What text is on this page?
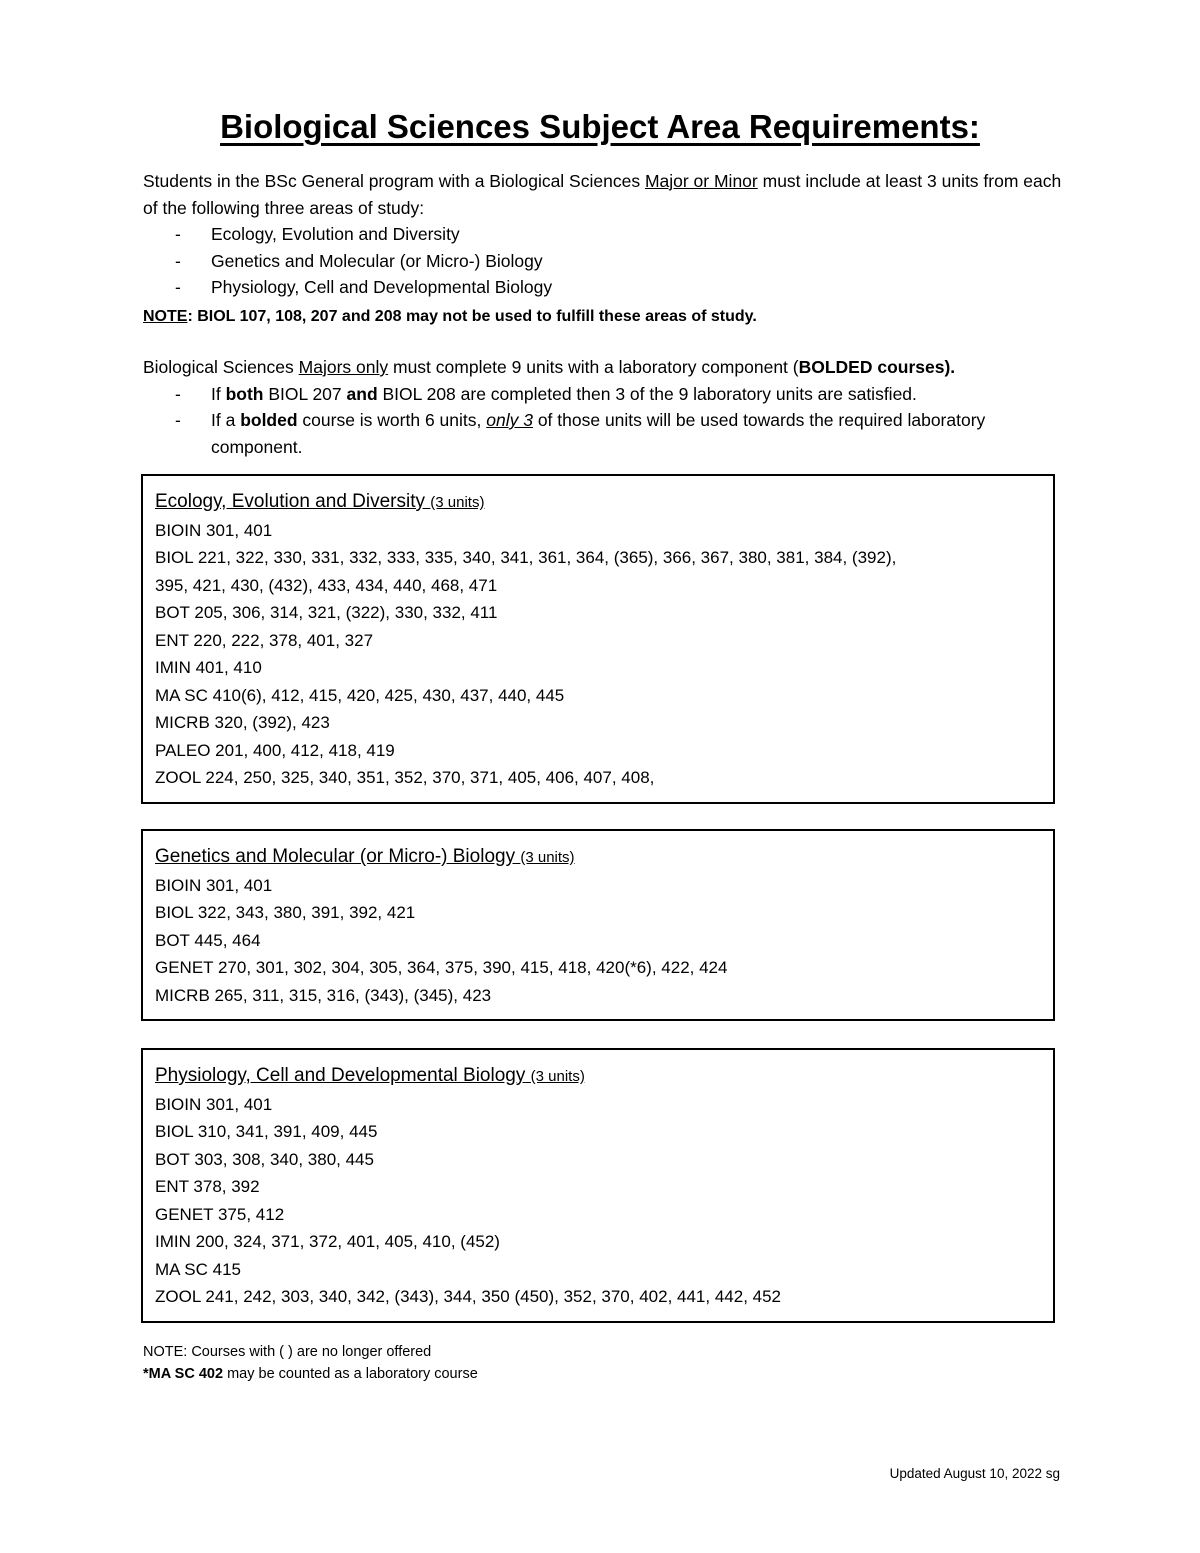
Biological Sciences Subject Area Requirements:

Students in the BSc General program with a Biological Sciences Major or Minor must include at least 3 units from each of the following three areas of study:

- Ecology, Evolution and Diversity
- Genetics and Molecular (or Micro-) Biology
- Physiology, Cell and Developmental Biology

NOTE: BIOL 107, 108, 207 and 208 may not be used to fulfill these areas of study.

Biological Sciences Majors only must complete 9 units with a laboratory component (BOLDED courses).

- If both BIOL 207 and BIOL 208 are completed then 3 of the 9 laboratory units are satisfied.
- If a bolded course is worth 6 units, only 3 of those units will be used towards the required laboratory component.
Ecology, Evolution and Diversity (3 units)
BIOIN 301, 401
BIOL 221, 322, 330, 331, 332, 333, 335, 340, 341, 361, 364, (365), 366, 367, 380, 381, 384, (392),
395, 421, 430, (432), 433, 434, 440, 468, 471
BOT 205, 306, 314, 321, (322), 330, 332, 411
ENT 220, 222, 378, 401, 327
IMIN 401, 410
MA SC 410(6), 412, 415, 420, 425, 430, 437, 440, 445
MICRB 320, (392), 423
PALEO 201, 400, 412, 418, 419
ZOOL 224, 250, 325, 340, 351, 352, 370, 371, 405, 406, 407, 408,
Genetics and Molecular (or Micro-) Biology (3 units)
BIOIN 301, 401
BIOL 322, 343, 380, 391, 392, 421
BOT 445, 464
GENET 270, 301, 302, 304, 305, 364, 375, 390, 415, 418, 420(*6), 422, 424
MICRB 265, 311, 315, 316, (343), (345), 423
Physiology, Cell and Developmental Biology (3 units)
BIOIN 301, 401
BIOL 310, 341, 391, 409, 445
BOT 303, 308, 340, 380, 445
ENT 378, 392
GENET 375, 412
IMIN 200, 324, 371, 372, 401, 405, 410, (452)
MA SC 415
ZOOL 241, 242, 303, 340, 342, (343), 344, 350 (450), 352, 370, 402, 441, 442, 452

NOTE: Courses with ( ) are no longer offered

*MA SC 402 may be counted as a laboratory course

Updated August 10, 2022 sg
